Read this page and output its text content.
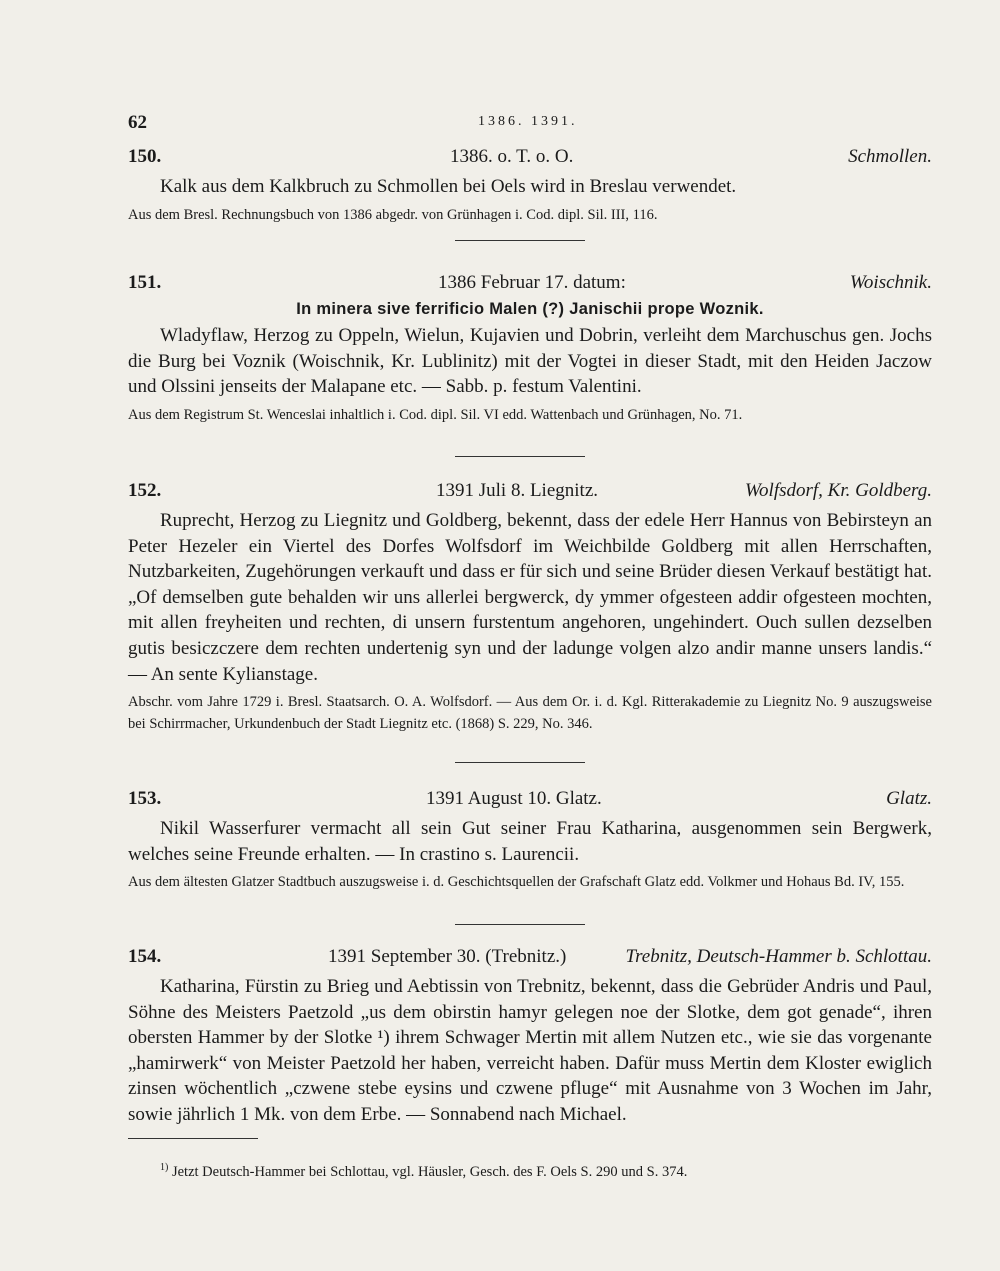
62	1386. 1391.
150.	1386. o. T. o. O.	Schmollen.

Kalk aus dem Kalkbruch zu Schmollen bei Oels wird in Breslau verwendet.

Aus dem Bresl. Rechnungsbuch von 1386 abgedr. von Grünhagen i. Cod. dipl. Sil. III, 116.

151.	1386 Februar 17. datum:	Woischnik.

In minera sive ferrificio Malen (?) Janischii prope Woznik.

Wladyflaw, Herzog zu Oppeln, Wielun, Kujavien und Dobrin, verleiht dem Marchuschus gen. Jochs die Burg bei Voznik (Woischnik, Kr. Lublinitz) mit der Vogtei in dieser Stadt, mit den Heiden Jaczow und Olssini jenseits der Malapane etc. — Sabb. p. festum Valentini.

Aus dem Registrum St. Wenceslai inhaltlich i. Cod. dipl. Sil. VI edd. Wattenbach und Grünhagen, No. 71.

152.	1391 Juli 8. Liegnitz.	Wolfsdorf, Kr. Goldberg.

Ruprecht, Herzog zu Liegnitz und Goldberg, bekennt, dass der edele Herr Hannus von Bebirsteyn an Peter Hezeler ein Viertel des Dorfes Wolfsdorf im Weichbilde Goldberg mit allen Herrschaften, Nutzbarkeiten, Zugehörungen verkauft und dass er für sich und seine Brüder diesen Verkauf bestätigt hat. „Of demselben gute behalden wir uns allerlei bergwerck, dy ymmer ofgesteen addir ofgesteen mochten, mit allen freyheiten und rechten, di unsern furstentum angehoren, ungehindert. Ouch sullen dezselben gutis besiczczere dem rechten undertenig syn und der ladunge volgen alzo andir manne unsers landis.“ — An sente Kylianstage.

Abschr. vom Jahre 1729 i. Bresl. Staatsarch. O. A. Wolfsdorf. — Aus dem Or. i. d. Kgl. Ritterakademie zu Liegnitz No. 9 auszugsweise bei Schirrmacher, Urkundenbuch der Stadt Liegnitz etc. (1868) S. 229, No. 346.

153.	1391 August 10. Glatz.	Glatz.

Nikil Wasserfurer vermacht all sein Gut seiner Frau Katharina, ausgenommen sein Bergwerk, welches seine Freunde erhalten. — In crastino s. Laurencii.

Aus dem ältesten Glatzer Stadtbuch auszugsweise i. d. Geschichtsquellen der Grafschaft Glatz edd. Volkmer und Hohaus Bd. IV, 155.

154.	1391 September 30. (Trebnitz.)	Trebnitz, Deutsch-Hammer b. Schlottau.

Katharina, Fürstin zu Brieg und Aebtissin von Trebnitz, bekennt, dass die Gebrüder Andris und Paul, Söhne des Meisters Paetzold „us dem obirstin hamyr gelegen noe der Slotke, dem got genade“, ihren obersten Hammer by der Slotke ¹) ihrem Schwager Mertin mit allem Nutzen etc., wie sie das vorgenante „hamirwerk“ von Meister Paetzold her haben, verreicht haben. Dafür muss Mertin dem Kloster ewiglich zinsen wöchentlich „czwene stebe eysins und czwene pfluge“ mit Ausnahme von 3 Wochen im Jahr, sowie jährlich 1 Mk. von dem Erbe. — Sonnabend nach Michael.

$^{1)}$ Jetzt Deutsch-Hammer bei Schlottau, vgl. Häusler, Gesch. des F. Oels S. 290 und S. 374.
